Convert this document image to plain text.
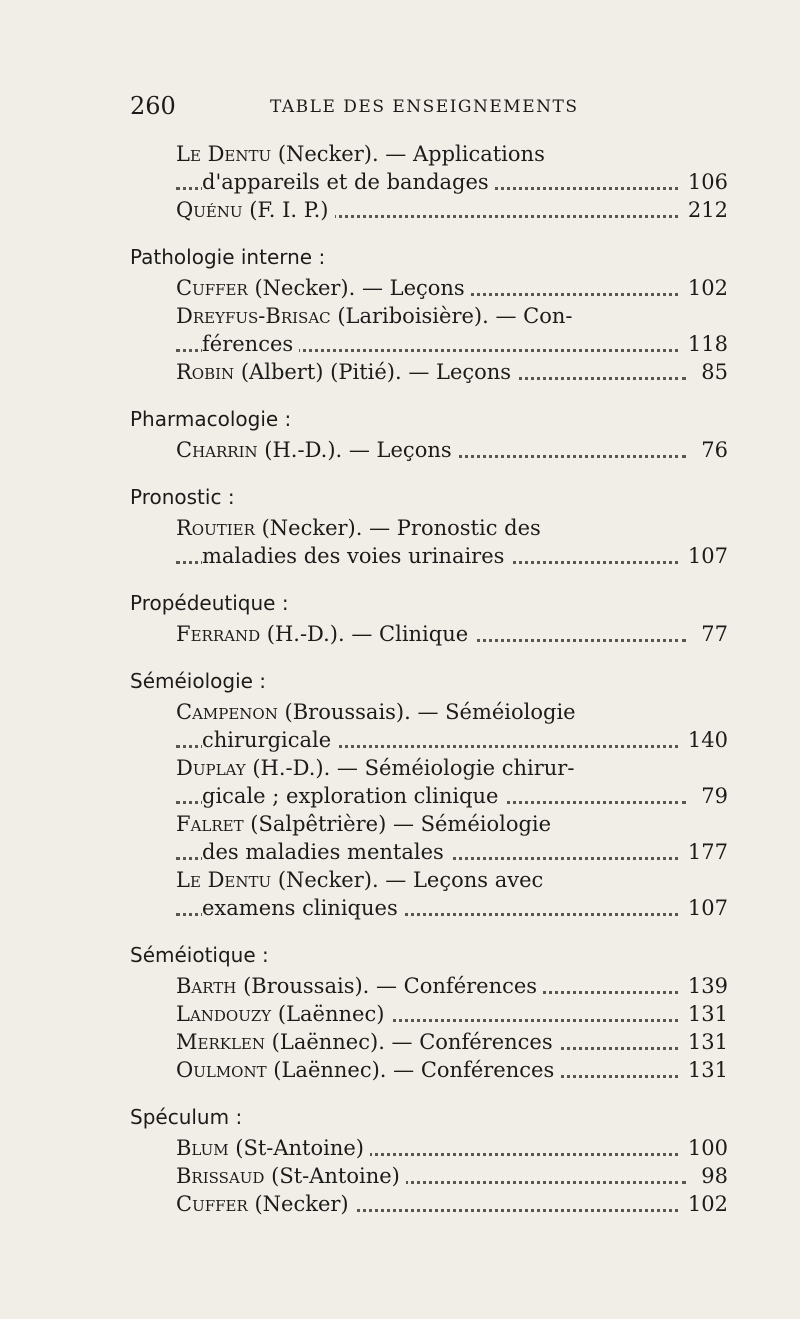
260	TABLE DES ENSEIGNEMENTS
Le Dentu (Necker). — Applications
d'appareils et de bandages	106
Quénu (F. I. P.)	212
Pathologie interne :
Cuffer (Necker). — Leçons	102
Dreyfus-Brisac (Lariboisière). — Con-
férences	118
Robin (Albert) (Pitié). — Leçons	85
Pharmacologie :
Charrin (H.-D.). — Leçons	76
Pronostic :
Routier (Necker). — Pronostic des
maladies des voies urinaires	107
Propédeutique :
Ferrand (H.-D.). — Clinique	77
Séméiologie :
Campenon (Broussais). — Séméiologie
chirurgicale	140
Duplay (H.-D.). — Séméiologie chirur-
gicale ; exploration clinique	79
Falret (Salpêtrière) — Séméiologie
des maladies mentales	177
Le Dentu (Necker). — Leçons avec
examens cliniques	107
Séméiotique :
Barth (Broussais). — Conférences	139
Landouzy (Laënnec)	131
Merklen (Laënnec). — Conférences	131
Oulmont (Laënnec). — Conférences	131
Spéculum :
Blum (St-Antoine)	100
Brissaud (St-Antoine)	98
Cuffer (Necker)	102
